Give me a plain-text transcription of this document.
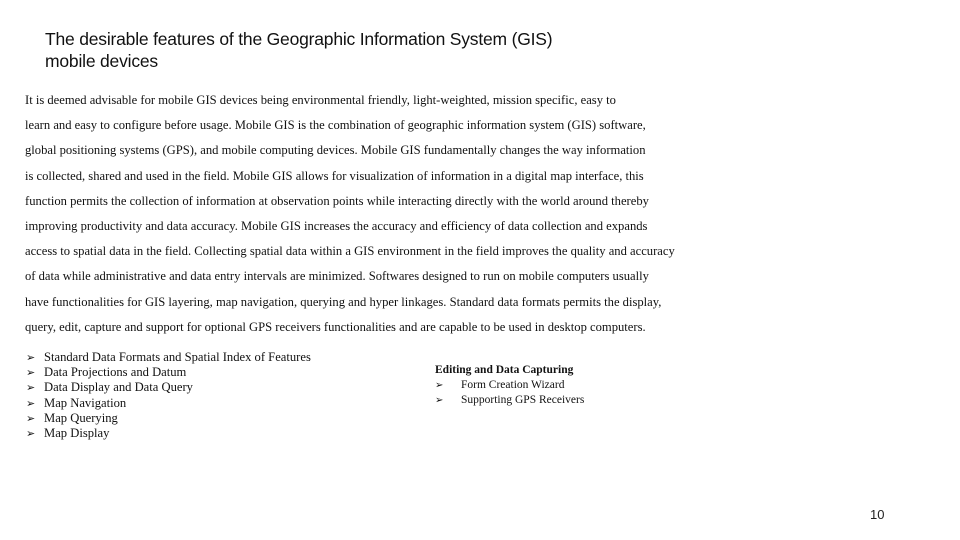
The desirable features of the Geographic Information System (GIS)
mobile devices
It is deemed advisable for mobile GIS devices being environmental friendly, light-weighted, mission specific, easy to
learn and easy to configure before usage. Mobile GIS is the combination of geographic information system (GIS) software,
global positioning systems (GPS), and mobile computing devices. Mobile GIS fundamentally changes the way information
is collected, shared and used in the field. Mobile GIS allows for visualization of information in a digital map interface, this
function permits the collection of information at observation points while interacting directly with the world around thereby
improving productivity and data accuracy. Mobile GIS increases the accuracy and efficiency of data collection and expands
access to spatial data in the field. Collecting spatial data within a GIS environment in the field improves the quality and accuracy
of data while administrative and data entry intervals are minimized. Softwares designed to run on mobile computers usually
have functionalities for GIS layering, map navigation, querying and hyper linkages. Standard data formats permits the display,
query, edit, capture and support for optional GPS receivers functionalities and are capable to be used in desktop computers.
➢ Standard Data Formats and Spatial Index of Features
➢ Data Projections and Datum
➢ Data Display and Data Query
➢ Map Navigation
➢ Map Querying
➢ Map Display
Editing and Data Capturing
➢ Form Creation Wizard
➢ Supporting GPS Receivers
10
